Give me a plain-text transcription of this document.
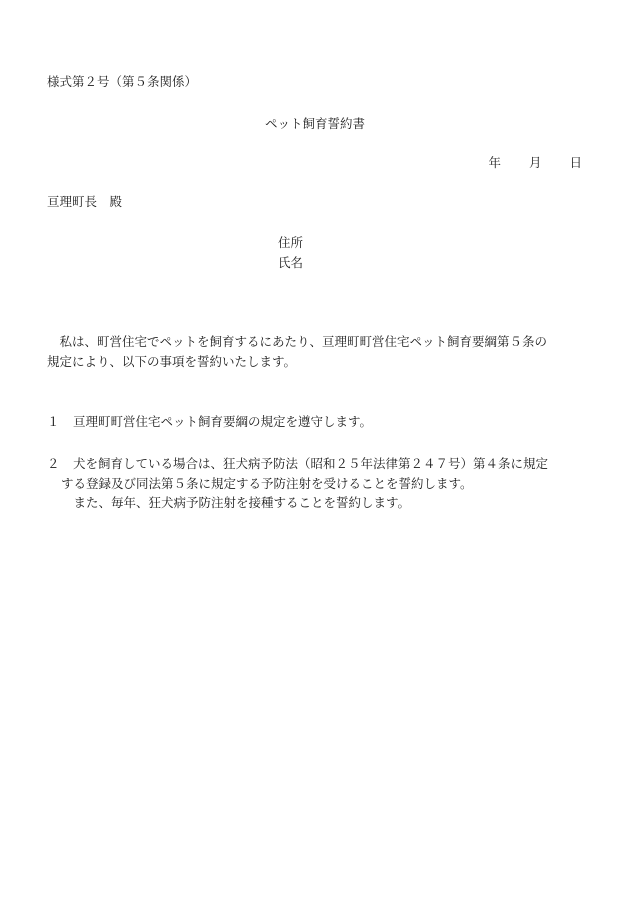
様式第２号（第５条関係）
ペット飼育誓約書
年 月 日
亘理町長　殿
住所
氏名
　私は、町営住宅でペットを飼育するにあたり、亘理町町営住宅ペット飼育要綱第５条の
規定により、以下の事項を誓約いたします。
１ 亘理町町営住宅ペット飼育要綱の規定を遵守します。
２ 犬を飼育している場合は、狂犬病予防法（昭和２５年法律第２４７号）第４条に規定
する登録及び同法第５条に規定する予防注射を受けることを誓約します。
　また、毎年、狂犬病予防注射を接種することを誓約します。
